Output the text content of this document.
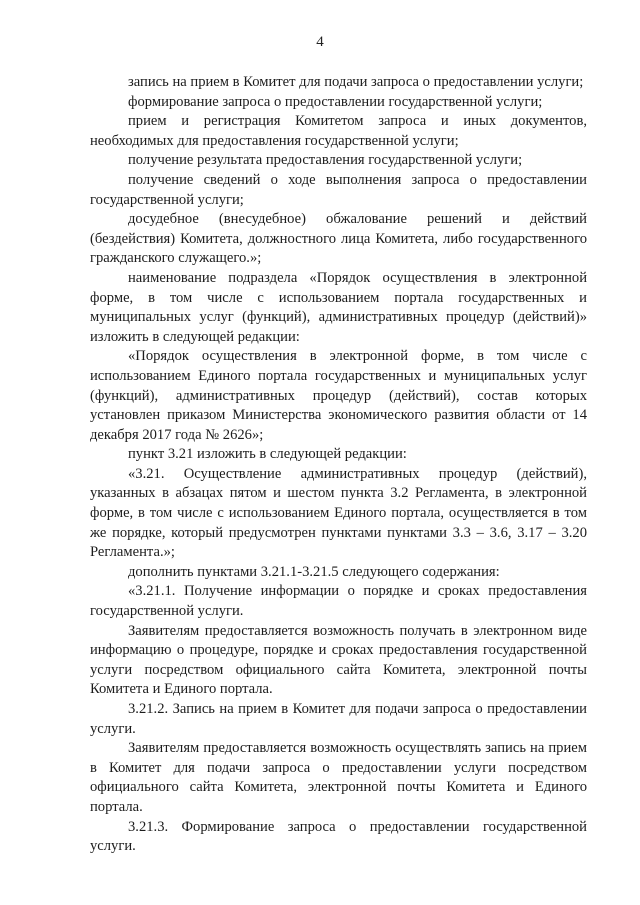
4

запись на прием в Комитет для подачи запроса о предоставлении услуги;

формирование запроса о предоставлении государственной услуги;

прием и регистрация Комитетом запроса и иных документов, необходимых для предоставления государственной услуги;

получение результата предоставления государственной услуги;

получение сведений о ходе выполнения запроса о предоставлении государственной услуги;

досудебное (внесудебное) обжалование решений и действий (бездействия) Комитета, должностного лица Комитета, либо государственного гражданского служащего.»;

наименование подраздела «Порядок осуществления в электронной форме, в том числе с использованием портала государственных и муниципальных услуг (функций), административных процедур (действий)» изложить в следующей редакции:

«Порядок осуществления в электронной форме, в том числе с использованием Единого портала государственных и муниципальных услуг (функций), административных процедур (действий), состав которых установлен приказом Министерства экономического развития области от 14 декабря 2017 года № 2626»;

пункт 3.21 изложить в следующей редакции:

«3.21. Осуществление административных процедур (действий), указанных в абзацах пятом и шестом пункта 3.2 Регламента, в электронной форме, в том числе с использованием Единого портала, осуществляется в том же порядке, который предусмотрен пунктами пунктами 3.3 – 3.6, 3.17 – 3.20 Регламента.»;

дополнить пунктами 3.21.1-3.21.5 следующего содержания:

«3.21.1. Получение информации о порядке и сроках предоставления государственной услуги.

Заявителям предоставляется возможность получать в электронном виде информацию о процедуре, порядке и сроках предоставления государственной услуги посредством официального сайта Комитета, электронной почты Комитета и Единого портала.

3.21.2. Запись на прием в Комитет для подачи запроса о предоставлении услуги.

Заявителям предоставляется возможность осуществлять запись на прием в Комитет для подачи запроса о предоставлении услуги посредством официального сайта Комитета, электронной почты Комитета и Единого портала.

3.21.3. Формирование запроса о предоставлении государственной услуги.
